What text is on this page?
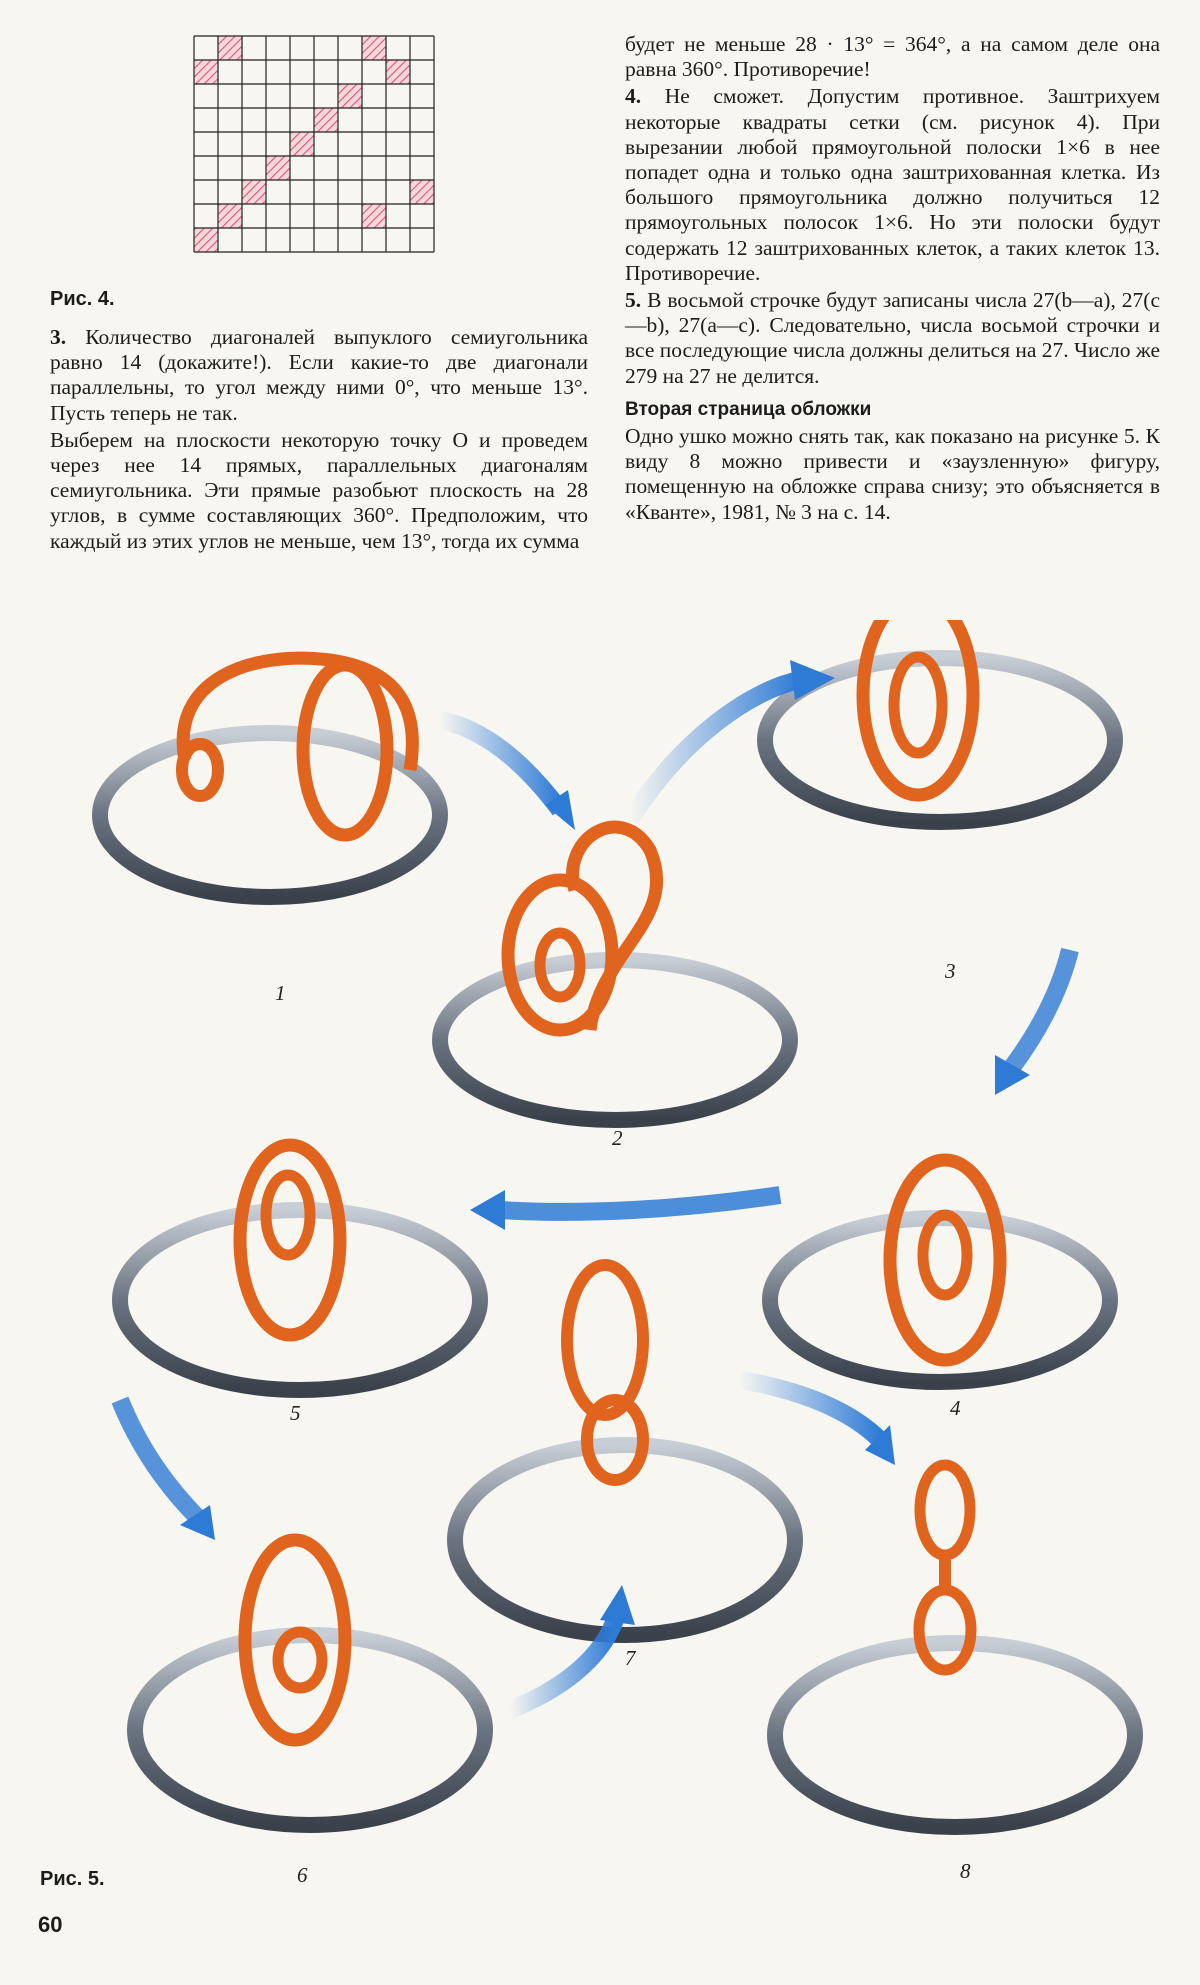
Рис. 4.

3. Количество диагоналей выпуклого семиугольника равно 14 (докажите!). Если какие-то две диагонали параллельны, то угол между ними 0°, что меньше 13°. Пусть теперь не так.

Выберем на плоскости некоторую точку O и проведем через нее 14 прямых, параллельных диагоналям семиугольника. Эти прямые разобьют плоскость на 28 углов, в сумме составляющих 360°. Предположим, что каждый из этих углов не меньше, чем 13°, тогда их сумма

будет не меньше 28 · 13° = 364°, а на самом деле она равна 360°. Противоречие!

4. Не сможет. Допустим противное. Заштрихуем некоторые квадраты сетки (см. рисунок 4). При вырезании любой прямоугольной полоски 1×6 в нее попадет одна и только одна заштрихованная клетка. Из большого прямоугольника должно получиться 12 прямоугольных полосок 1×6. Но эти полоски будут содержать 12 заштрихованных клеток, а таких клеток 13. Противоречие.

5. В восьмой строчке будут записаны числа 27(b—a), 27(c—b), 27(a—c). Следовательно, числа восьмой строчки и все последующие числа должны делиться на 27. Число же 279 на 27 не делится.

Вторая страница обложки

Одно ушко можно снять так, как показано на рисунке 5. К виду 8 можно привести и «заузленную» фигуру, помещенную на обложке справа снизу; это объясняется в «Кванте», 1981, № 3 на с. 14.

1
2
3
4
5
6
7
8
Рис. 5.
60
